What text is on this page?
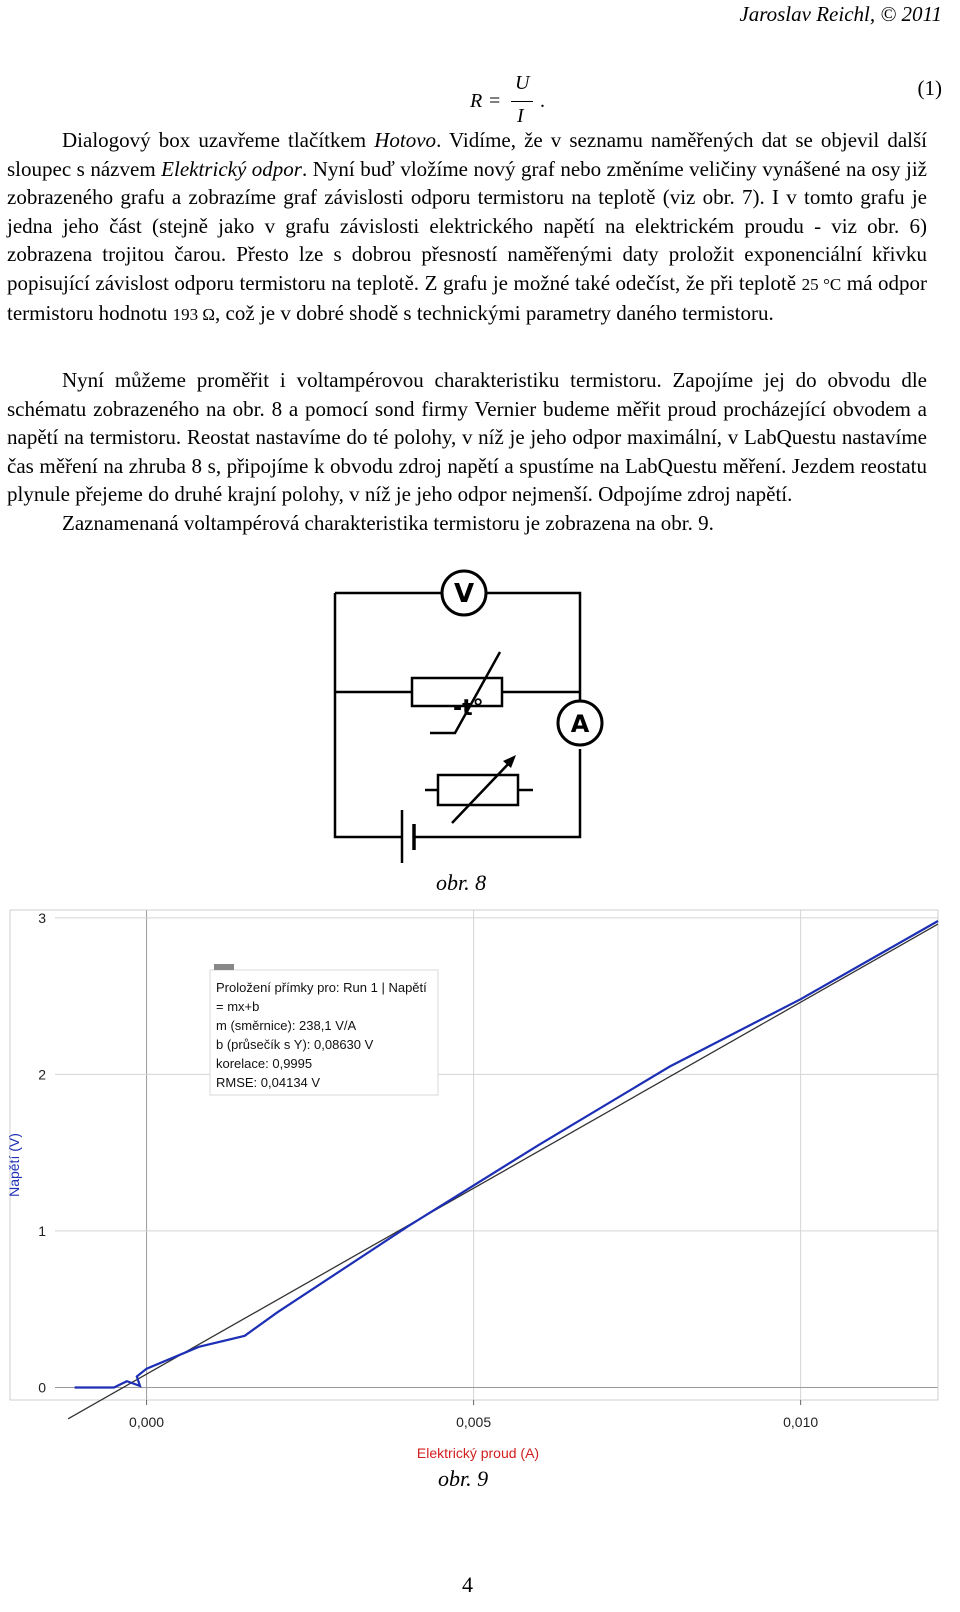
Jaroslav Reichl, © 2011
R =
U
I
.
(1)

Dialogový box uzavřeme tlačítkem Hotovo. Vidíme, že v seznamu naměřených dat se objevil další sloupec s názvem Elektrický odpor. Nyní buď vložíme nový graf nebo změníme veličiny vynášené na osy již zobrazeného grafu a zobrazíme graf závislosti odporu termistoru na teplotě (viz obr. 7). I v tomto grafu je jedna jeho část (stejně jako v grafu závislosti elektrického napětí na elektrickém proudu - viz obr. 6) zobrazena trojitou čarou. Přesto lze s dobrou přesností naměřenými daty proložit exponenciální křivku popisující závislost odporu termistoru na teplotě. Z grafu je možné také odečíst, že při teplotě 25 °C má odpor termistoru hodnotu 193 Ω, což je v dobré shodě s technickými parametry daného termistoru.

Nyní můžeme proměřit i voltampérovou charakteristiku termistoru. Zapojíme jej do obvodu dle schématu zobrazeného na obr. 8 a pomocí sond firmy Vernier budeme měřit proud procházející obvodem a napětí na termistoru. Reostat nastavíme do té polohy, v níž je jeho odpor maximální, v LabQuestu nastavíme čas měření na zhruba 8 s, připojíme k obvodu zdroj napětí a spustíme na LabQuestu měření. Jezdem reostatu plynule přejeme do druhé krajní polohy, v níž je jeho odpor nejmenší. Odpojíme zdroj napětí.

Zaznamenaná voltampérová charakteristika termistoru je zobrazena na obr. 9.

V
A
-t°
obr. 8
0,000	0,005	0,010
0
1
2
3
Proložení přímky pro: Run 1 | Napětí
= mx+b
m (směrnice): 238,1 V/A
b (průsečík s Y): 0,08630 V
korelace: 0,9995
RMSE: 0,04134 V
Elektrický proud (A)
Napětí (V)
obr. 9
4
